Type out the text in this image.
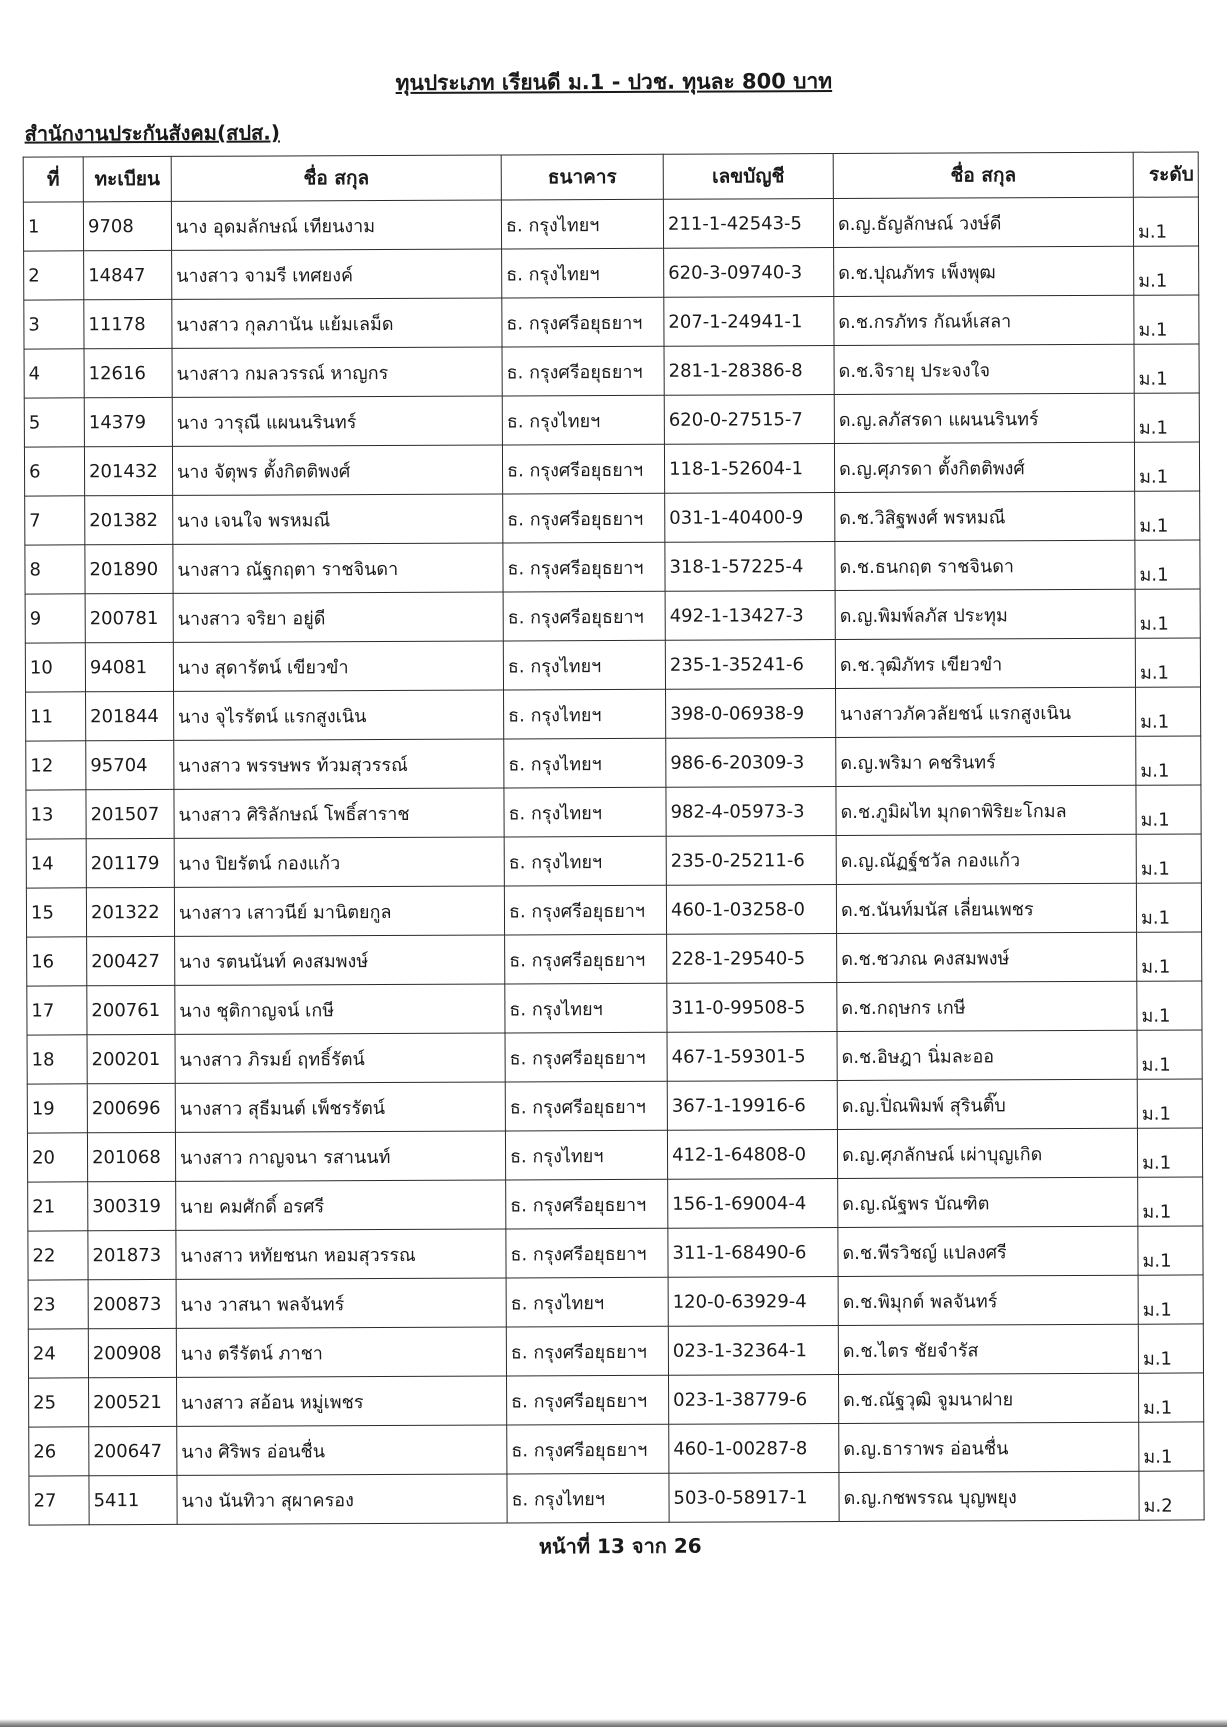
ทุนประเภท เรียนดี ม.1 - ปวช. ทุนละ 800 บาท
สำนักงานประกันสังคม(สปส.)
ที่	ทะเบียน	ชื่อ สกุล	ธนาคาร	เลขบัญชี	ชื่อ สกุล	ระดับ
1	9708	นาง อุดมลักษณ์ เทียนงาม	ธ. กรุงไทยฯ	211-1-42543-5	ด.ญ.ธัญลักษณ์ วงษ์ดี	ม.1
2	14847	นางสาว จามรี เทศยงค์	ธ. กรุงไทยฯ	620-3-09740-3	ด.ช.ปุณภัทร เพ็งพุฒ	ม.1
3	11178	นางสาว กุลภานัน แย้มเลม็ด	ธ. กรุงศรีอยุธยาฯ	207-1-24941-1	ด.ช.กรภัทร กัณห์เสลา	ม.1
4	12616	นางสาว กมลวรรณ์ หาญกร	ธ. กรุงศรีอยุธยาฯ	281-1-28386-8	ด.ช.จิรายุ ประจงใจ	ม.1
5	14379	นาง วารุณี แผนนรินทร์	ธ. กรุงไทยฯ	620-0-27515-7	ด.ญ.ลภัสรดา แผนนรินทร์	ม.1
6	201432	นาง จัตุพร ตั้งกิตติพงศ์	ธ. กรุงศรีอยุธยาฯ	118-1-52604-1	ด.ญ.ศุภรดา ตั้งกิตติพงศ์	ม.1
7	201382	นาง เจนใจ พรหมณี	ธ. กรุงศรีอยุธยาฯ	031-1-40400-9	ด.ช.วิสิฐพงศ์ พรหมณี	ม.1
8	201890	นางสาว ณัฐกฤตา ราชจินดา	ธ. กรุงศรีอยุธยาฯ	318-1-57225-4	ด.ช.ธนกฤต ราชจินดา	ม.1
9	200781	นางสาว จริยา อยู่ดี	ธ. กรุงศรีอยุธยาฯ	492-1-13427-3	ด.ญ.พิมพ์ลภัส ประทุม	ม.1
10	94081	นาง สุดารัตน์ เขียวขำ	ธ. กรุงไทยฯ	235-1-35241-6	ด.ช.วุฒิภัทร เขียวขำ	ม.1
11	201844	นาง จุไรรัตน์ แรกสูงเนิน	ธ. กรุงไทยฯ	398-0-06938-9	นางสาวภัควลัยชน์ แรกสูงเนิน	ม.1
12	95704	นางสาว พรรษพร ท้วมสุวรรณ์	ธ. กรุงไทยฯ	986-6-20309-3	ด.ญ.พริมา คชรินทร์	ม.1
13	201507	นางสาว ศิริลักษณ์ โพธิ์สาราช	ธ. กรุงไทยฯ	982-4-05973-3	ด.ช.ภูมิผไท มุกดาพิริยะโกมล	ม.1
14	201179	นาง ปิยรัตน์ กองแก้ว	ธ. กรุงไทยฯ	235-0-25211-6	ด.ญ.ณัฏฐ์ชวัล กองแก้ว	ม.1
15	201322	นางสาว เสาวนีย์ มานิตยกูล	ธ. กรุงศรีอยุธยาฯ	460-1-03258-0	ด.ช.นันท์มนัส เลี่ยนเพชร	ม.1
16	200427	นาง รตนนันท์ คงสมพงษ์	ธ. กรุงศรีอยุธยาฯ	228-1-29540-5	ด.ช.ชวภณ คงสมพงษ์	ม.1
17	200761	นาง ชุติกาญจน์ เกษี	ธ. กรุงไทยฯ	311-0-99508-5	ด.ช.กฤษกร เกษี	ม.1
18	200201	นางสาว ภิรมย์ ฤทธิ์รัตน์	ธ. กรุงศรีอยุธยาฯ	467-1-59301-5	ด.ช.อิษฎา นิ่มละออ	ม.1
19	200696	นางสาว สุธีมนต์ เพ็ชรรัตน์	ธ. กรุงศรีอยุธยาฯ	367-1-19916-6	ด.ญ.ปิ่ณพิมพ์ สุรินติ๊บ	ม.1
20	201068	นางสาว กาญจนา รสานนท์	ธ. กรุงไทยฯ	412-1-64808-0	ด.ญ.ศุภลักษณ์ เผ่าบุญเกิด	ม.1
21	300319	นาย คมศักดิ์ อรศรี	ธ. กรุงศรีอยุธยาฯ	156-1-69004-4	ด.ญ.ณัฐพร บัณฑิต	ม.1
22	201873	นางสาว หทัยชนก หอมสุวรรณ	ธ. กรุงศรีอยุธยาฯ	311-1-68490-6	ด.ช.พีรวิชญ์ แปลงศรี	ม.1
23	200873	นาง วาสนา พลจันทร์	ธ. กรุงไทยฯ	120-0-63929-4	ด.ช.พิมุกต์ พลจันทร์	ม.1
24	200908	นาง ตรีรัตน์ ภาชา	ธ. กรุงศรีอยุธยาฯ	023-1-32364-1	ด.ช.ไตร ชัยจำรัส	ม.1
25	200521	นางสาว สอ้อน หมู่เพชร	ธ. กรุงศรีอยุธยาฯ	023-1-38779-6	ด.ช.ณัฐวุฒิ จูมนาฝาย	ม.1
26	200647	นาง ศิริพร อ่อนชื่น	ธ. กรุงศรีอยุธยาฯ	460-1-00287-8	ด.ญ.ธาราพร อ่อนชื่น	ม.1
27	5411	นาง นันทิวา สุผาครอง	ธ. กรุงไทยฯ	503-0-58917-1	ด.ญ.กชพรรณ บุญพยุง	ม.2
หน้าที่ 13 จาก 26
